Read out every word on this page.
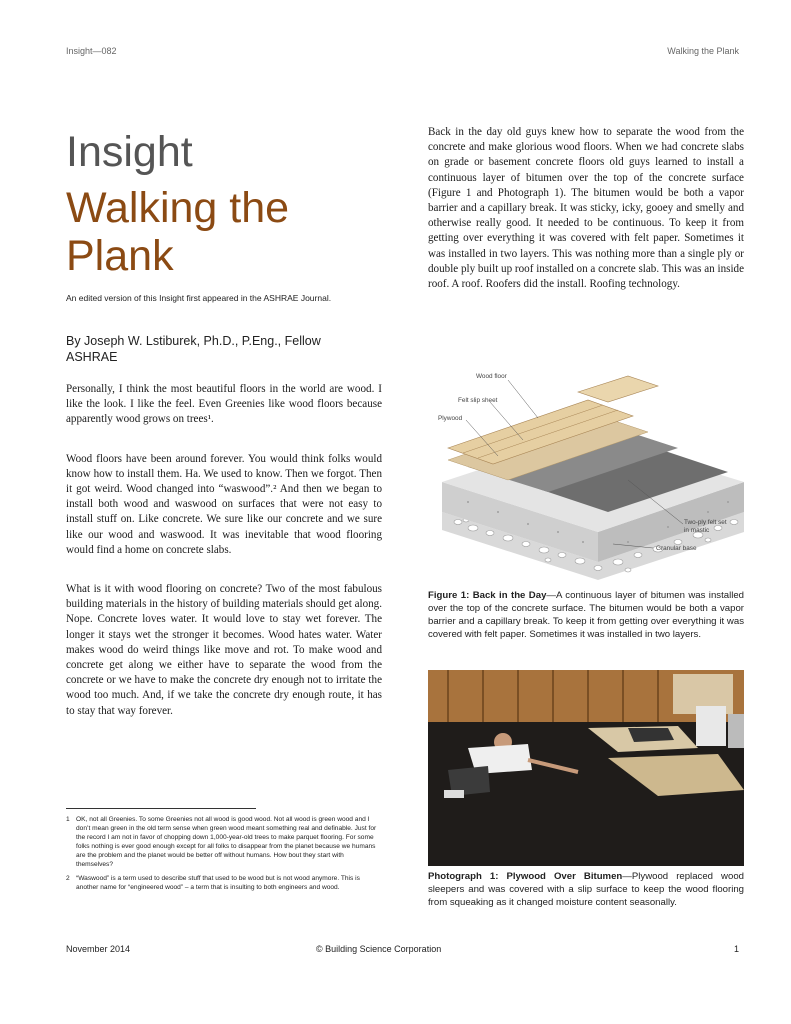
Insight—082	Walking the Plank
Insight
Walking the Plank
An edited version of this Insight first appeared in the ASHRAE Journal.
By Joseph W. Lstiburek, Ph.D., P.Eng., Fellow ASHRAE

Personally, I think the most beautiful floors in the world are wood. I like the look. I like the feel. Even Greenies like wood floors because apparently wood grows on trees¹.

Wood floors have been around forever. You would think folks would know how to install them. Ha. We used to know. Then we forgot. Then it got weird. Wood changed into “waswood”.² And then we began to install both wood and waswood on surfaces that were not easy to install stuff on. Like concrete. We sure like our concrete and we sure like our wood and waswood. It was inevitable that wood flooring would find a home on concrete slabs.

What is it with wood flooring on concrete? Two of the most fabulous building materials in the history of building materials should get along. Nope. Concrete loves water. It would love to stay wet forever. The longer it stays wet the stronger it becomes. Wood hates water. Water makes wood do weird things like move and rot. To make wood and concrete get along we either have to separate the wood from the concrete or we have to make the concrete dry enough not to irritate the wood too much. And, if we take the concrete dry enough route, it has to stay that way forever.

1 OK, not all Greenies. To some Greenies not all wood is good wood. Not all wood is green wood and I don’t mean green in the old term sense when green wood meant something real and definable. Just for the record I am not in favor of chopping down 1,000-year-old trees to make parquet flooring. For some folks nothing is ever good enough except for all folks to disappear from the planet because we humans are the problem and the planet would be better off without humans. How bout they start with themselves?
2 “Waswood” is a term used to describe stuff that used to be wood but is not wood anymore. This is another name for “engineered wood” – a term that is insulting to both engineers and wood.

Back in the day old guys knew how to separate the wood from the concrete and make glorious wood floors. When we had concrete slabs on grade or basement concrete floors old guys learned to install a continuous layer of bitumen over the top of the concrete surface (Figure 1 and Photograph 1). The bitumen would be both a vapor barrier and a capillary break. It was sticky, icky, gooey and smelly and otherwise really good. It needed to be continuous. To keep it from getting over everything it was covered with felt paper. Sometimes it was installed in two layers. This was nothing more than a single ply or double ply built up roof installed on a concrete slab. This was an inside roof. A roof. Roofers did the install. Roofing technology.

Wood floor
Felt slip sheet
Plywood
Two-ply felt set in mastic
Granular base
Figure 1: Back in the Day—A continuous layer of bitumen was installed over the top of the concrete surface. The bitumen would be both a vapor barrier and a capillary break. To keep it from getting over everything it was covered with felt paper. Sometimes it was installed in two layers.
Photograph 1: Plywood Over Bitumen—Plywood replaced wood sleepers and was covered with a slip surface to keep the wood flooring from squeaking as it changed moisture content seasonally.
November 2014	© Building Science Corporation	1
